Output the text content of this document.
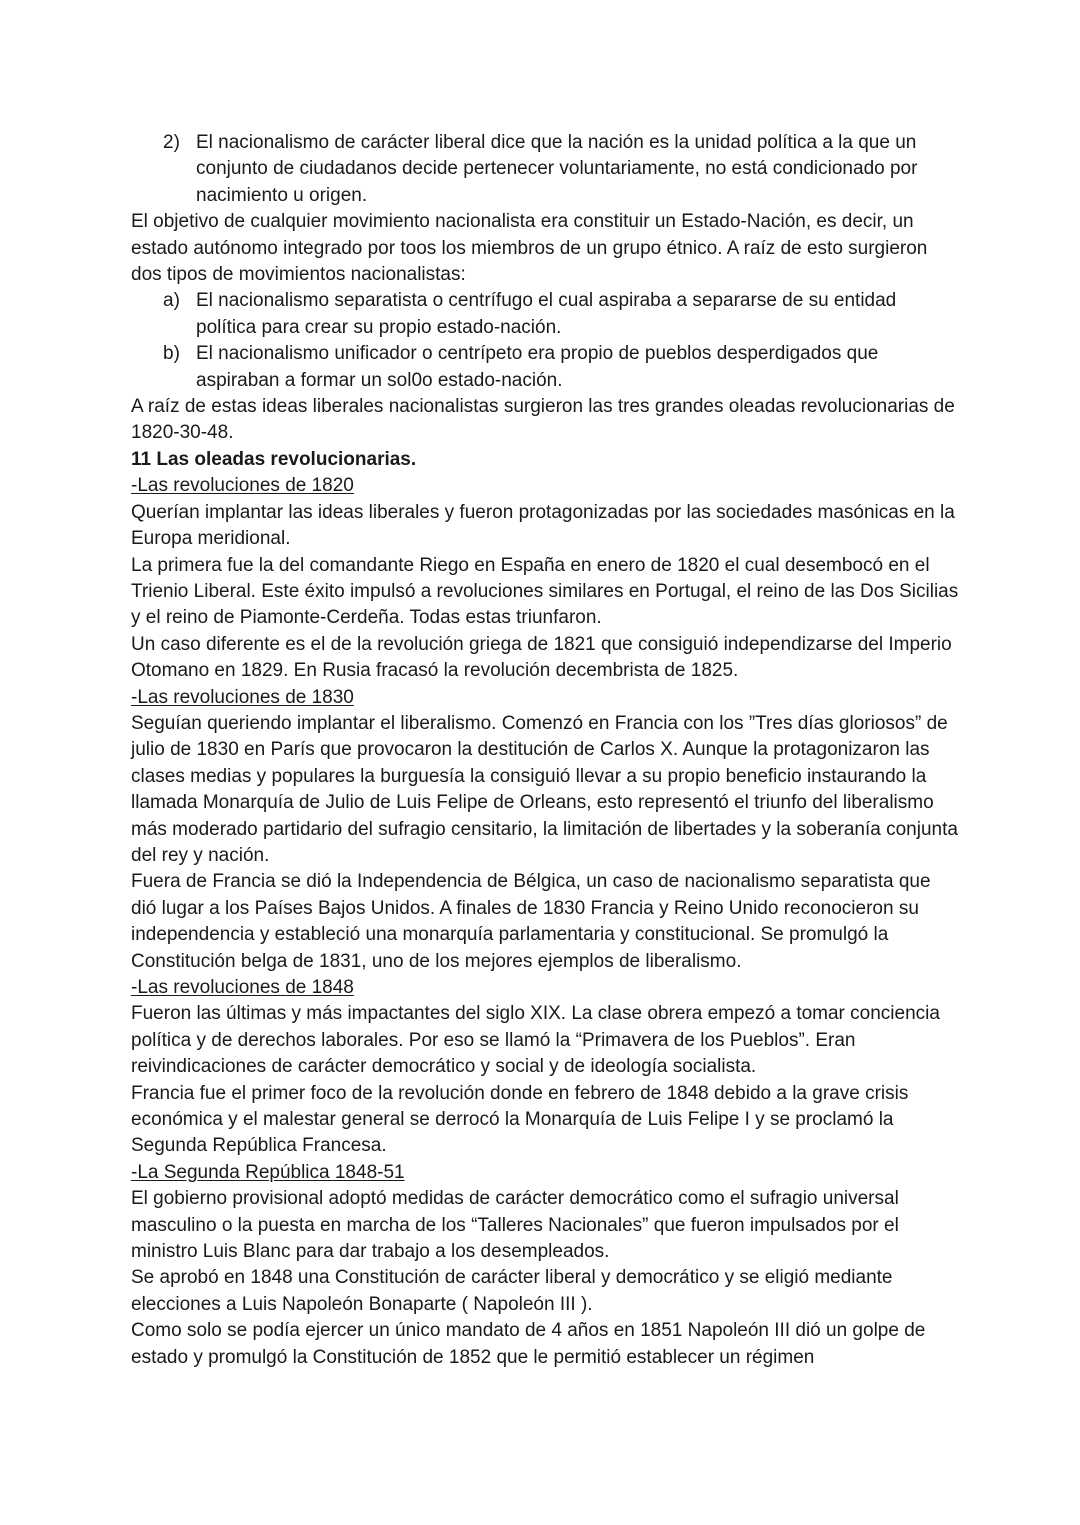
2) El nacionalismo de carácter liberal dice que la nación es la unidad política a la que un conjunto de ciudadanos decide pertenecer voluntariamente, no está condicionado por nacimiento u origen.

El objetivo de cualquier movimiento nacionalista era constituir un Estado-Nación, es decir, un estado autónomo integrado por toos los miembros de un grupo étnico. A raíz de esto surgieron dos tipos de movimientos nacionalistas:

a) El nacionalismo separatista o centrífugo el cual aspiraba a separarse de su entidad política para crear su propio estado-nación.
b) El nacionalismo unificador o centrípeto era propio de pueblos desperdigados que aspiraban a formar un sol0o estado-nación.

A raíz de estas ideas liberales nacionalistas surgieron las tres grandes oleadas revolucionarias de 1820-30-48.

11 Las oleadas revolucionarias.

-Las revoluciones de 1820

Querían implantar las ideas liberales y fueron protagonizadas por las sociedades masónicas en la Europa meridional.

La primera fue la del comandante Riego en España en enero de 1820 el cual desembocó en el Trienio Liberal. Este éxito impulsó a revoluciones similares en Portugal, el reino de las Dos Sicilias y el reino de Piamonte-Cerdeña. Todas estas triunfaron.

Un caso diferente es el de la revolución griega de 1821 que consiguió independizarse del Imperio Otomano en 1829. En Rusia fracasó la revolución decembrista de 1825.

-Las revoluciones de 1830

Seguían queriendo implantar el liberalismo. Comenzó en Francia con los ”Tres días gloriosos” de julio de 1830 en París que provocaron la destitución de Carlos X. Aunque la protagonizaron las clases medias y populares la burguesía la consiguió llevar a su propio beneficio instaurando la llamada Monarquía de Julio de Luis Felipe de Orleans, esto representó el triunfo del liberalismo más moderado partidario del sufragio censitario, la limitación de libertades y la soberanía conjunta del rey y nación.

Fuera de Francia se dió la Independencia de Bélgica, un caso de nacionalismo separatista que dió lugar a los Países Bajos Unidos. A finales de 1830 Francia y Reino Unido reconocieron su independencia y estableció una monarquía parlamentaria y constitucional. Se promulgó la Constitución belga de 1831, uno de los mejores ejemplos de liberalismo.

-Las revoluciones de 1848

Fueron las últimas y más impactantes del siglo XIX. La clase obrera empezó a tomar conciencia política y de derechos laborales. Por eso se llamó la “Primavera de los Pueblos”. Eran reivindicaciones de carácter democrático y social y de ideología socialista.

Francia fue el primer foco de la revolución donde en febrero de 1848 debido a la grave crisis económica y el malestar general se derrocó la Monarquía de Luis Felipe I y se proclamó la Segunda República Francesa.

-La Segunda República 1848-51

El gobierno provisional adoptó medidas de carácter democrático como el sufragio universal masculino o la puesta en marcha de los “Talleres Nacionales” que fueron impulsados por el ministro Luis Blanc para dar trabajo a los desempleados.

Se aprobó en 1848 una Constitución de carácter liberal y democrático y se eligió mediante elecciones a Luis Napoleón Bonaparte ( Napoleón III ).

Como solo se podía ejercer un único mandato de 4 años en 1851 Napoleón III dió un golpe de estado y promulgó la Constitución de 1852 que le permitió establecer un régimen
